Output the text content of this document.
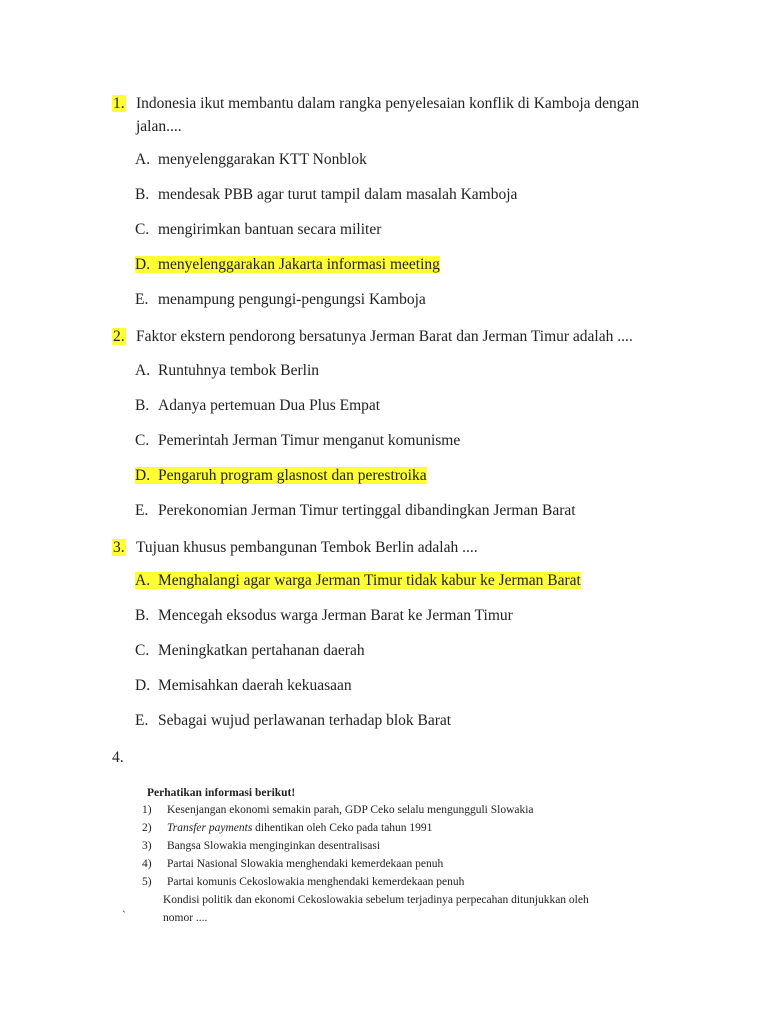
1. Indonesia ikut membantu dalam rangka penyelesaian konflik di Kamboja dengan jalan....
A. menyelenggarakan KTT Nonblok
B. mendesak PBB agar turut tampil dalam masalah Kamboja
C. mengirimkan bantuan secara militer
D. menyelenggarakan Jakarta informasi meeting
E. menampung pengungi-pengungsi Kamboja
2. Faktor ekstern pendorong bersatunya Jerman Barat dan Jerman Timur adalah ....
A. Runtuhnya tembok Berlin
B. Adanya pertemuan Dua Plus Empat
C. Pemerintah Jerman Timur menganut komunisme
D. Pengaruh program glasnost dan perestroika
E. Perekonomian Jerman Timur tertinggal dibandingkan Jerman Barat
3. Tujuan khusus pembangunan Tembok Berlin adalah ....
A. Menghalangi agar warga Jerman Timur tidak kabur ke Jerman Barat
B. Mencegah eksodus warga Jerman Barat ke Jerman Timur
C. Meningkatkan pertahanan daerah
D. Memisahkan daerah kekuasaan
E. Sebagai wujud perlawanan terhadap blok Barat
4.
Perhatikan informasi berikut!
1) Kesenjangan ekonomi semakin parah, GDP Ceko selalu mengungguli Slowakia
2) Transfer payments dihentikan oleh Ceko pada tahun 1991
3) Bangsa Slowakia menginginkan desentralisasi
4) Partai Nasional Slowakia menghendaki kemerdekaan penuh
5) Partai komunis Cekoslowakia menghendaki kemerdekaan penuh
Kondisi politik dan ekonomi Cekoslowakia sebelum terjadinya perpecahan ditunjukkan oleh
`	nomor ....
